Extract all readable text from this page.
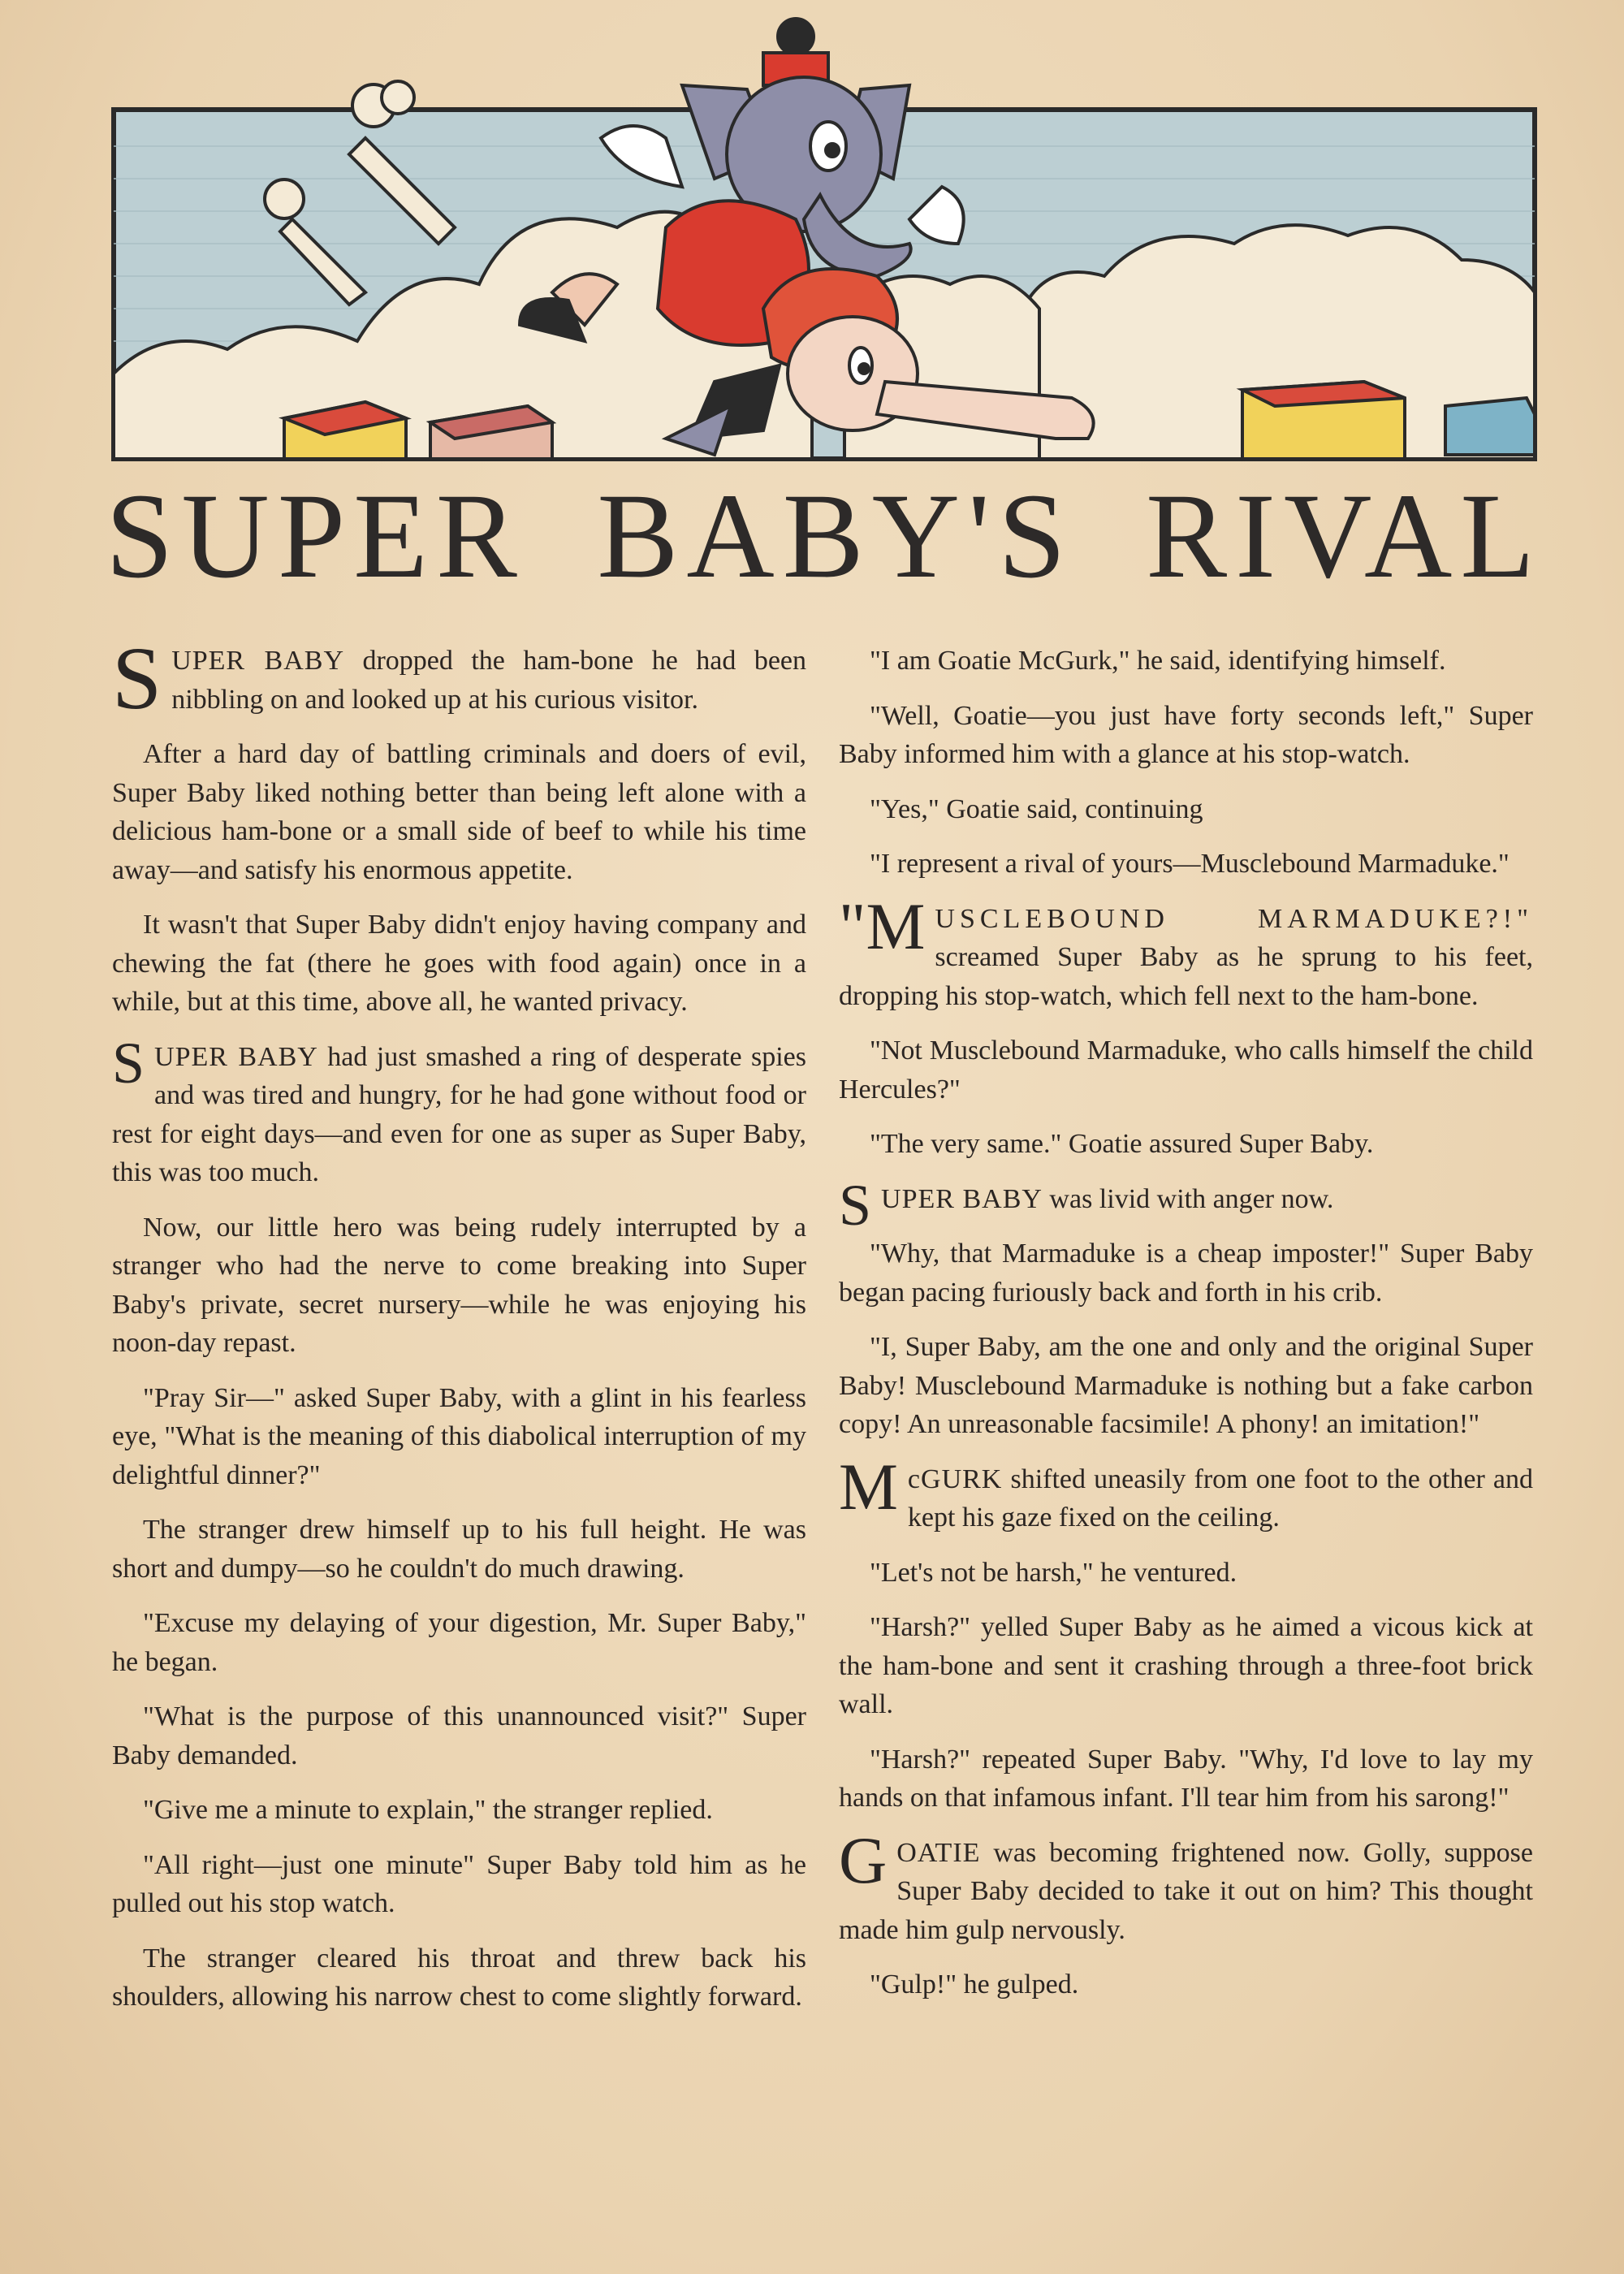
SUPER BABY'S RIVAL

SUPER BABY dropped the ham-bone he had been nibbling on and looked up at his curious visitor.

After a hard day of battling criminals and doers of evil, Super Baby liked nothing better than being left alone with a delicious ham-bone or a small side of beef to while his time away—and satisfy his enormous appetite.

It wasn't that Super Baby didn't enjoy having company and chewing the fat (there he goes with food again) once in a while, but at this time, above all, he wanted privacy.

SUPER BABY had just smashed a ring of desperate spies and was tired and hungry, for he had gone without food or rest for eight days—and even for one as super as Super Baby, this was too much.

Now, our little hero was being rudely interrupted by a stranger who had the nerve to come breaking into Super Baby's private, secret nursery—while he was enjoying his noon-day repast.

"Pray Sir—" asked Super Baby, with a glint in his fearless eye, "What is the meaning of this diabolical interruption of my delightful dinner?"

The stranger drew himself up to his full height. He was short and dumpy—so he couldn't do much drawing.

"Excuse my delaying of your digestion, Mr. Super Baby," he began.

"What is the purpose of this unannounced visit?" Super Baby demanded.

"Give me a minute to explain," the stranger replied.

"All right—just one minute" Super Baby told him as he pulled out his stop watch.

The stranger cleared his throat and threw back his shoulders, allowing his narrow chest to come slightly forward.

"I am Goatie McGurk," he said, identifying himself.

"Well, Goatie—you just have forty seconds left," Super Baby informed him with a glance at his stop-watch.

"Yes," Goatie said, continuing

"I represent a rival of yours—Musclebound Marmaduke."

"M USCLEBOUND MARMADUKE?!" screamed Super Baby as he sprung to his feet, dropping his stop-watch, which fell next to the ham-bone.

"Not Musclebound Marmaduke, who calls himself the child Hercules?"

"The very same." Goatie assured Super Baby.

SUPER BABY was livid with anger now.

"Why, that Marmaduke is a cheap imposter!" Super Baby began pacing furiously back and forth in his crib.

"I, Super Baby, am the one and only and the original Super Baby! Musclebound Marmaduke is nothing but a fake carbon copy! An unreasonable facsimile! A phony! an imitation!"

McGURK shifted uneasily from one foot to the other and kept his gaze fixed on the ceiling.

"Let's not be harsh," he ventured.

"Harsh?" yelled Super Baby as he aimed a vicous kick at the ham-bone and sent it crashing through a three-foot brick wall.

"Harsh?" repeated Super Baby. "Why, I'd love to lay my hands on that infamous infant. I'll tear him from his sarong!"

GOATIE was becoming frightened now. Golly, suppose Super Baby decided to take it out on him? This thought made him gulp nervously.

"Gulp!" he gulped.
